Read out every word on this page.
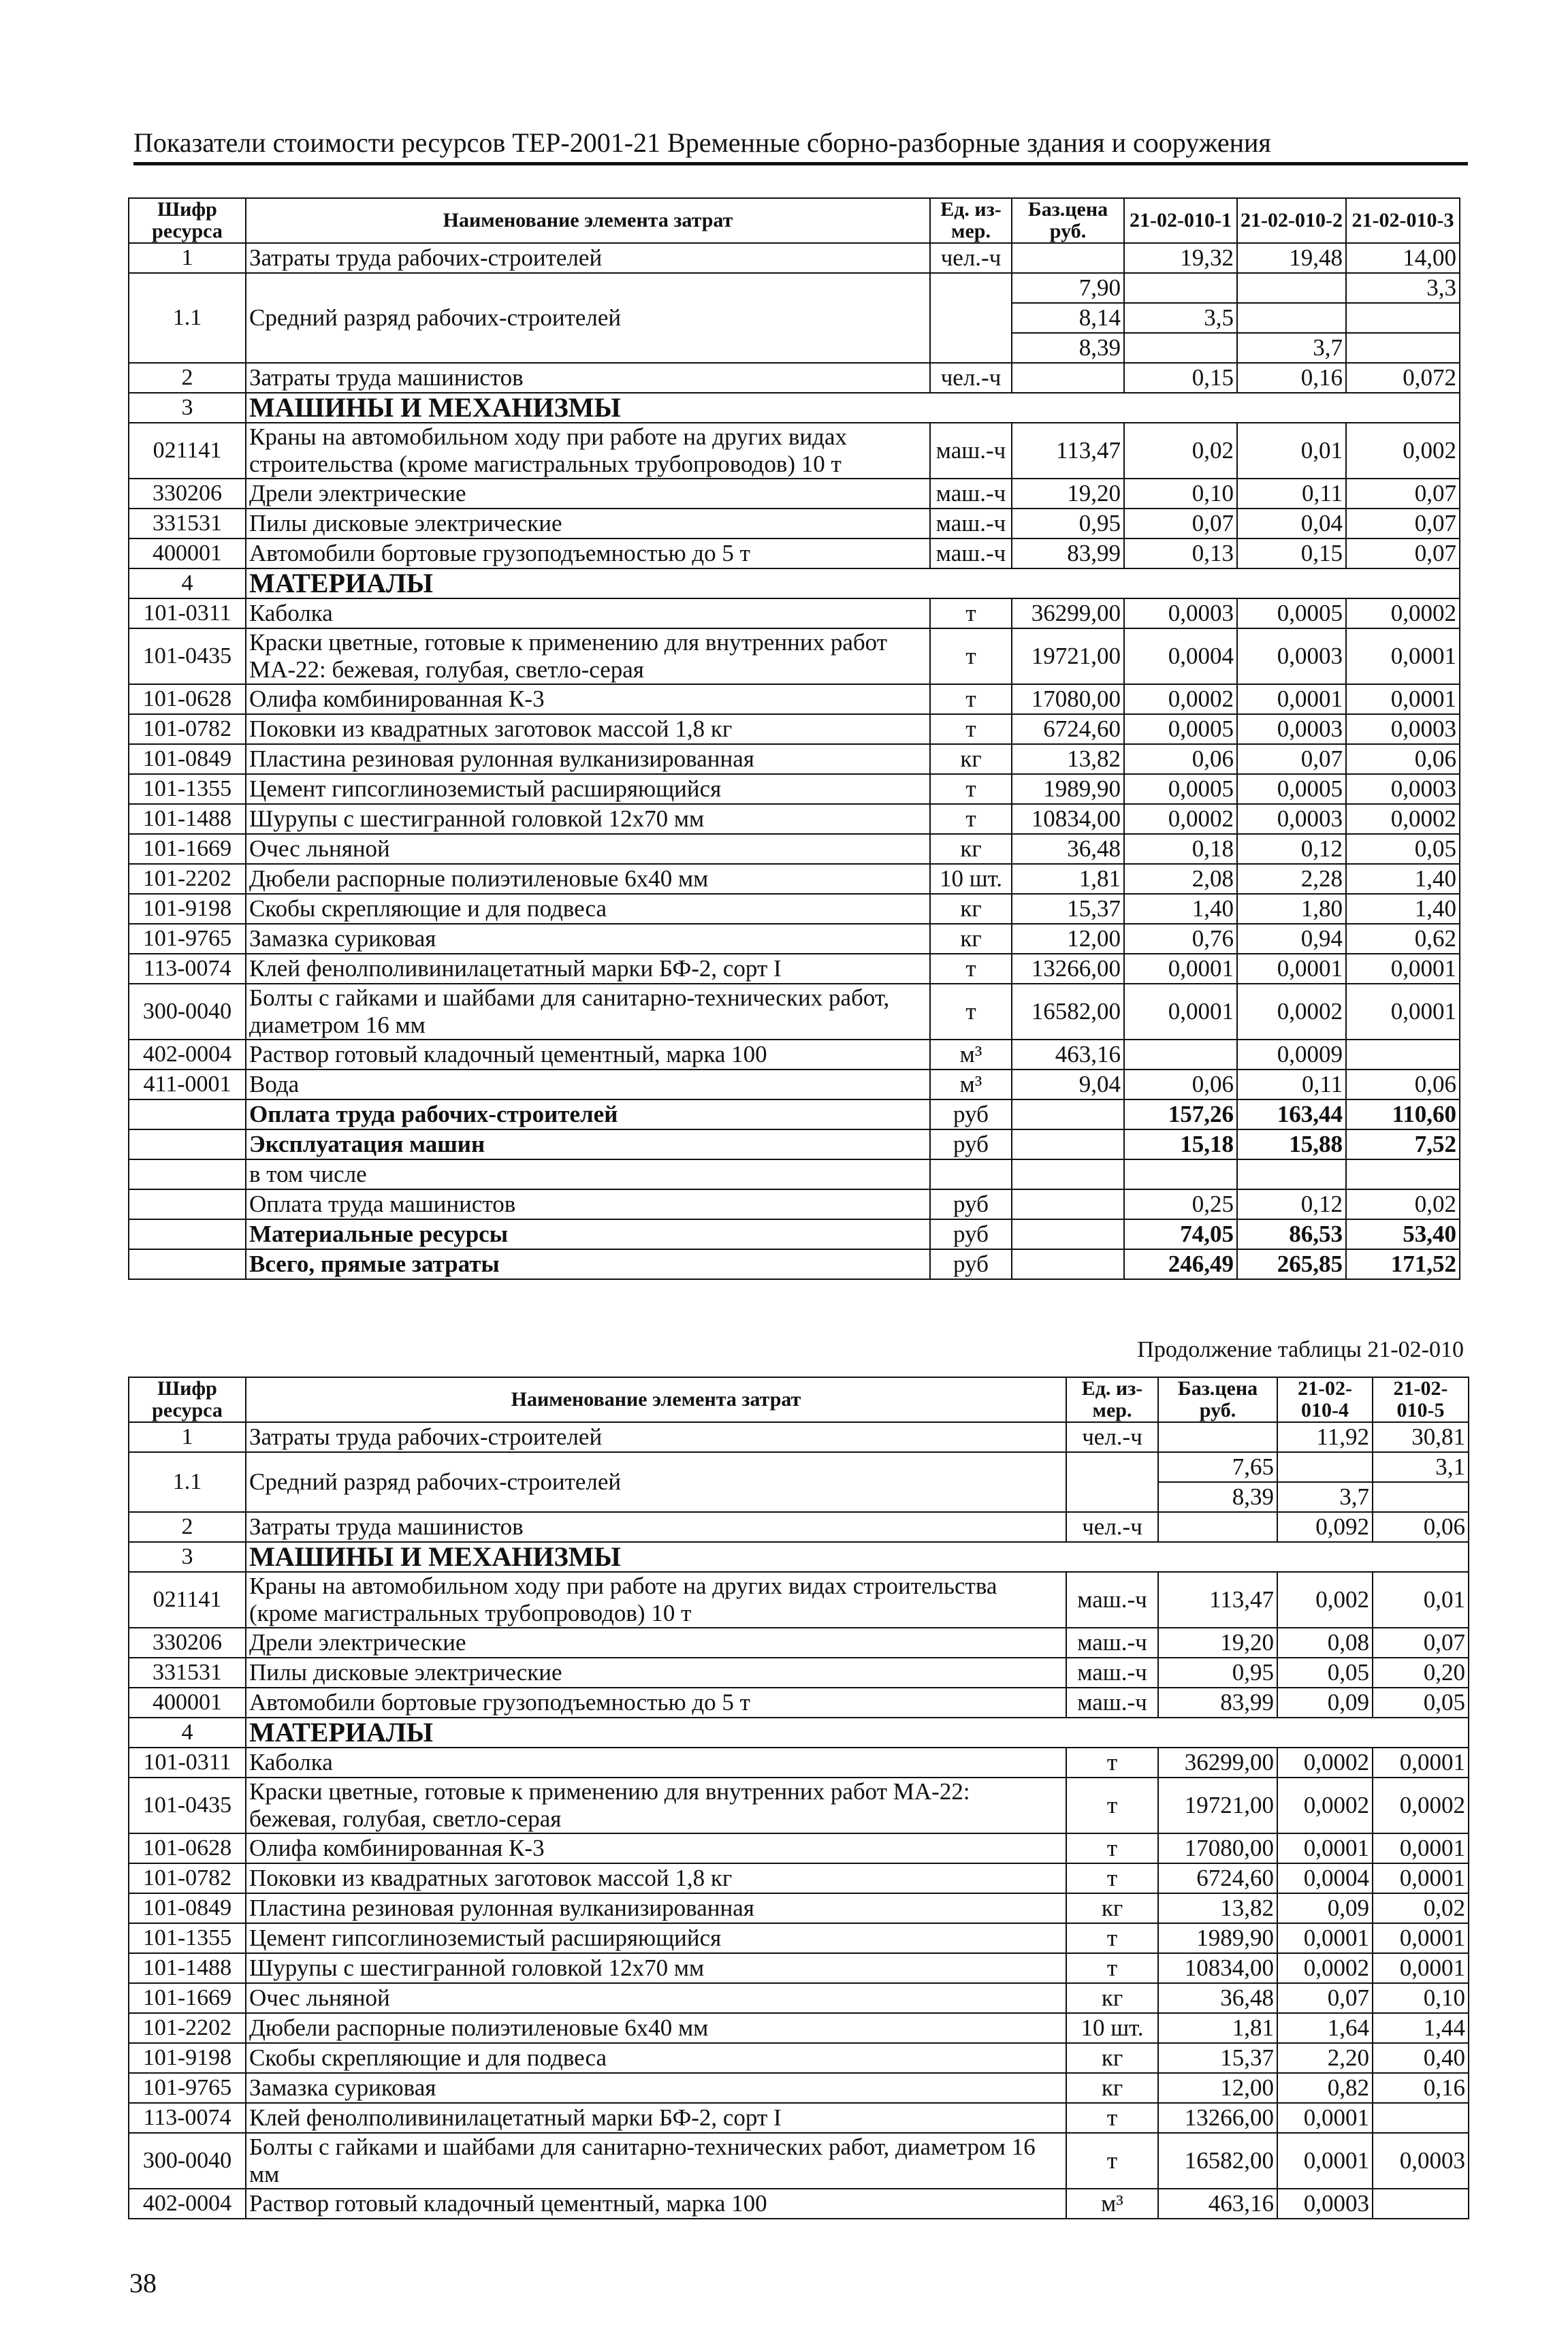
Показатели стоимости ресурсов ТЕР-2001-21 Временные сборно-разборные здания и сооружения
Шифр ресурса	Наименование элемента затрат	Ед. из-мер.	Баз.цена руб.	21-02-010-1	21-02-010-2	21-02-010-3
1	Затраты труда рабочих-строителей	чел.-ч		19,32	19,48	14,00
1.1	Средний разряд рабочих-строителей		7,90			3,3
			8,14	3,5		
			8,39		3,7	
2	Затраты труда машинистов	чел.-ч		0,15	0,16	0,072
3	МАШИНЫ И МЕХАНИЗМЫ					
021141	Краны на автомобильном ходу при работе на других видах строительства (кроме магистральных трубопроводов) 10 т	маш.-ч	113,47	0,02	0,01	0,002
330206	Дрели электрические	маш.-ч	19,20	0,10	0,11	0,07
331531	Пилы дисковые электрические	маш.-ч	0,95	0,07	0,04	0,07
400001	Автомобили бортовые грузоподъемностью до 5 т	маш.-ч	83,99	0,13	0,15	0,07
4	МАТЕРИАЛЫ					
101-0311	Каболка	т	36299,00	0,0003	0,0005	0,0002
101-0435	Краски цветные, готовые к применению для внутренних работ МА-22: бежевая, голубая, светло-серая	т	19721,00	0,0004	0,0003	0,0001
101-0628	Олифа комбинированная К-3	т	17080,00	0,0002	0,0001	0,0001
101-0782	Поковки из квадратных заготовок массой 1,8 кг	т	6724,60	0,0005	0,0003	0,0003
101-0849	Пластина резиновая рулонная вулканизированная	кг	13,82	0,06	0,07	0,06
101-1355	Цемент гипсоглиноземистый расширяющийся	т	1989,90	0,0005	0,0005	0,0003
101-1488	Шурупы с шестигранной головкой 12х70 мм	т	10834,00	0,0002	0,0003	0,0002
101-1669	Очес льняной	кг	36,48	0,18	0,12	0,05
101-2202	Дюбели распорные полиэтиленовые 6х40 мм	10 шт.	1,81	2,08	2,28	1,40
101-9198	Скобы скрепляющие и для подвеса	кг	15,37	1,40	1,80	1,40
101-9765	Замазка суриковая	кг	12,00	0,76	0,94	0,62
113-0074	Клей фенолполивинилацетатный марки БФ-2, сорт I	т	13266,00	0,0001	0,0001	0,0001
300-0040	Болты с гайками и шайбами для санитарно-технических работ, диаметром 16 мм	т	16582,00	0,0001	0,0002	0,0001
402-0004	Раствор готовый кладочный цементный, марка 100	м³	463,16		0,0009	
411-0001	Вода	м³	9,04	0,06	0,11	0,06
	Оплата труда рабочих-строителей	руб		157,26	163,44	110,60
	Эксплуатация машин	руб		15,18	15,88	7,52
	в том числе					
	Оплата труда машинистов	руб		0,25	0,12	0,02
	Материальные ресурсы	руб		74,05	86,53	53,40
	Всего, прямые затраты	руб		246,49	265,85	171,52
Продолжение таблицы 21-02-010
Шифр ресурса	Наименование элемента затрат	Ед. из-мер.	Баз.цена руб.	21-02-010-4	21-02-010-5
1	Затраты труда рабочих-строителей	чел.-ч		11,92	30,81
1.1	Средний разряд рабочих-строителей		7,65		3,1
			8,39	3,7	
2	Затраты труда машинистов	чел.-ч		0,092	0,06
3	МАШИНЫ И МЕХАНИЗМЫ				
021141	Краны на автомобильном ходу при работе на других видах строительства (кроме магистральных трубопроводов) 10 т	маш.-ч	113,47	0,002	0,01
330206	Дрели электрические	маш.-ч	19,20	0,08	0,07
331531	Пилы дисковые электрические	маш.-ч	0,95	0,05	0,20
400001	Автомобили бортовые грузоподъемностью до 5 т	маш.-ч	83,99	0,09	0,05
4	МАТЕРИАЛЫ				
101-0311	Каболка	т	36299,00	0,0002	0,0001
101-0435	Краски цветные, готовые к применению для внутренних работ МА-22: бежевая, голубая, светло-серая	т	19721,00	0,0002	0,0002
101-0628	Олифа комбинированная К-3	т	17080,00	0,0001	0,0001
101-0782	Поковки из квадратных заготовок массой 1,8 кг	т	6724,60	0,0004	0,0001
101-0849	Пластина резиновая рулонная вулканизированная	кг	13,82	0,09	0,02
101-1355	Цемент гипсоглиноземистый расширяющийся	т	1989,90	0,0001	0,0001
101-1488	Шурупы с шестигранной головкой 12х70 мм	т	10834,00	0,0002	0,0001
101-1669	Очес льняной	кг	36,48	0,07	0,10
101-2202	Дюбели распорные полиэтиленовые 6х40 мм	10 шт.	1,81	1,64	1,44
101-9198	Скобы скрепляющие и для подвеса	кг	15,37	2,20	0,40
101-9765	Замазка суриковая	кг	12,00	0,82	0,16
113-0074	Клей фенолполивинилацетатный марки БФ-2, сорт I	т	13266,00	0,0001	
300-0040	Болты с гайками и шайбами для санитарно-технических работ, диаметром 16 мм	т	16582,00	0,0001	0,0003
402-0004	Раствор готовый кладочный цементный, марка 100	м³	463,16	0,0003	
38
